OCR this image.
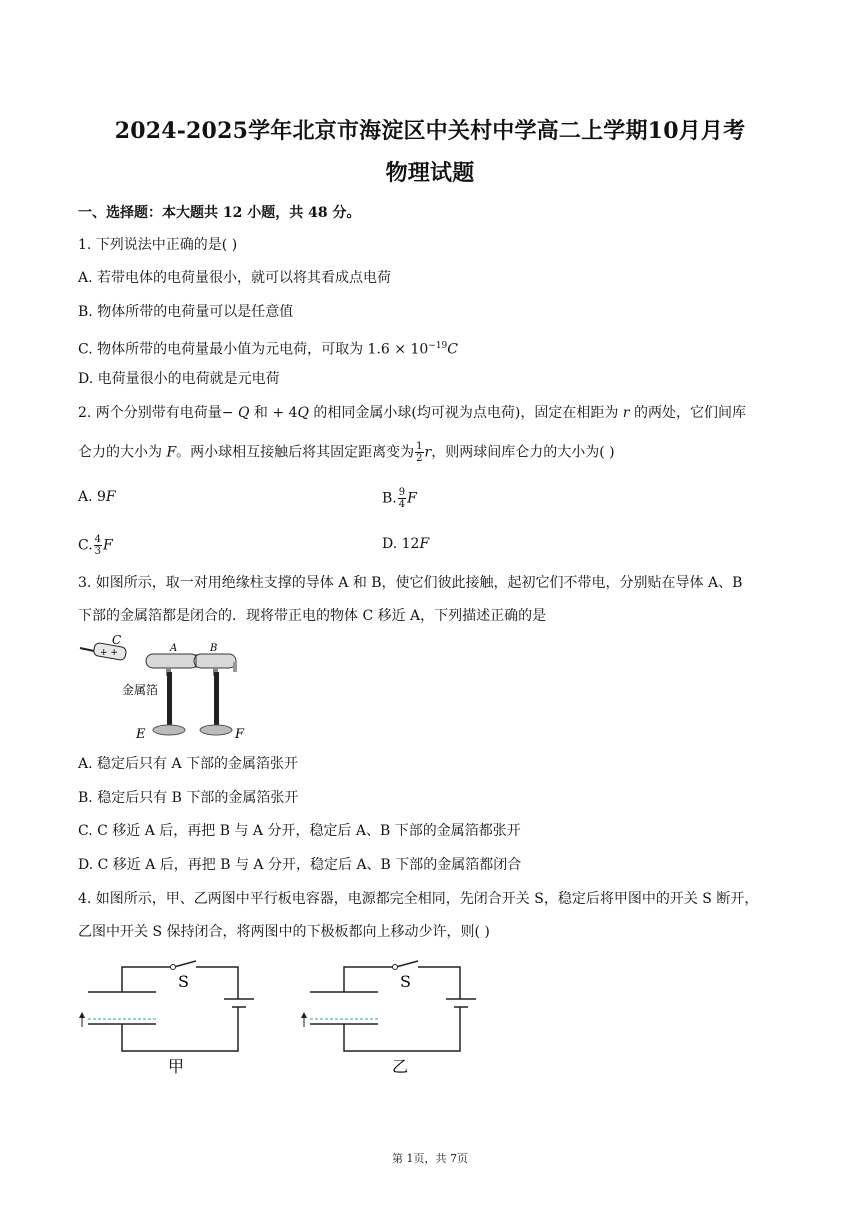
2024-2025学年北京市海淀区中关村中学高二上学期10月月考
物理试题
一、选择题：本大题共 12 小题，共 48 分。
1. 下列说法中正确的是( )
A. 若带电体的电荷量很小，就可以将其看成点电荷
B. 物体所带的电荷量可以是任意值
C. 物体所带的电荷量最小值为元电荷，可取为 $1.6 \times 10^{-19}C$
D. 电荷量很小的电荷就是元电荷
2. 两个分别带有电荷量− Q 和 + 4Q 的相同金属小球(均可视为点电荷)，固定在相距为 r 的两处，它们间库
仑力的大小为 F。两小球相互接触后将其固定距离变为 $\frac{1}{2}$ r，则两球间库仑力的大小为( )
A. 9F	B. $\frac{9}{4}$ F
C. $\frac{4}{3}$ F	D. 12F
3. 如图所示，取一对用绝缘柱支撑的导体 A 和 B，使它们彼此接触，起初它们不带电，分别贴在导体 A、B
下部的金属箔都是闭合的．现将带正电的物体 C 移近 A，下列描述正确的是
+ +
C
A	B
金属箔
E	F
A. 稳定后只有 A 下部的金属箔张开
B. 稳定后只有 B 下部的金属箔张开
C. C 移近 A 后，再把 B 与 A 分开，稳定后 A、B 下部的金属箔都张开
D. C 移近 A 后，再把 B 与 A 分开，稳定后 A、B 下部的金属箔都闭合
4. 如图所示，甲、乙两图中平行板电容器，电源都完全相同，先闭合开关 S，稳定后将甲图中的开关 S 断开，
乙图中开关 S 保持闭合，将两图中的下极板都向上移动少许，则( )
S
甲
S
乙
第 1页，共 7页
